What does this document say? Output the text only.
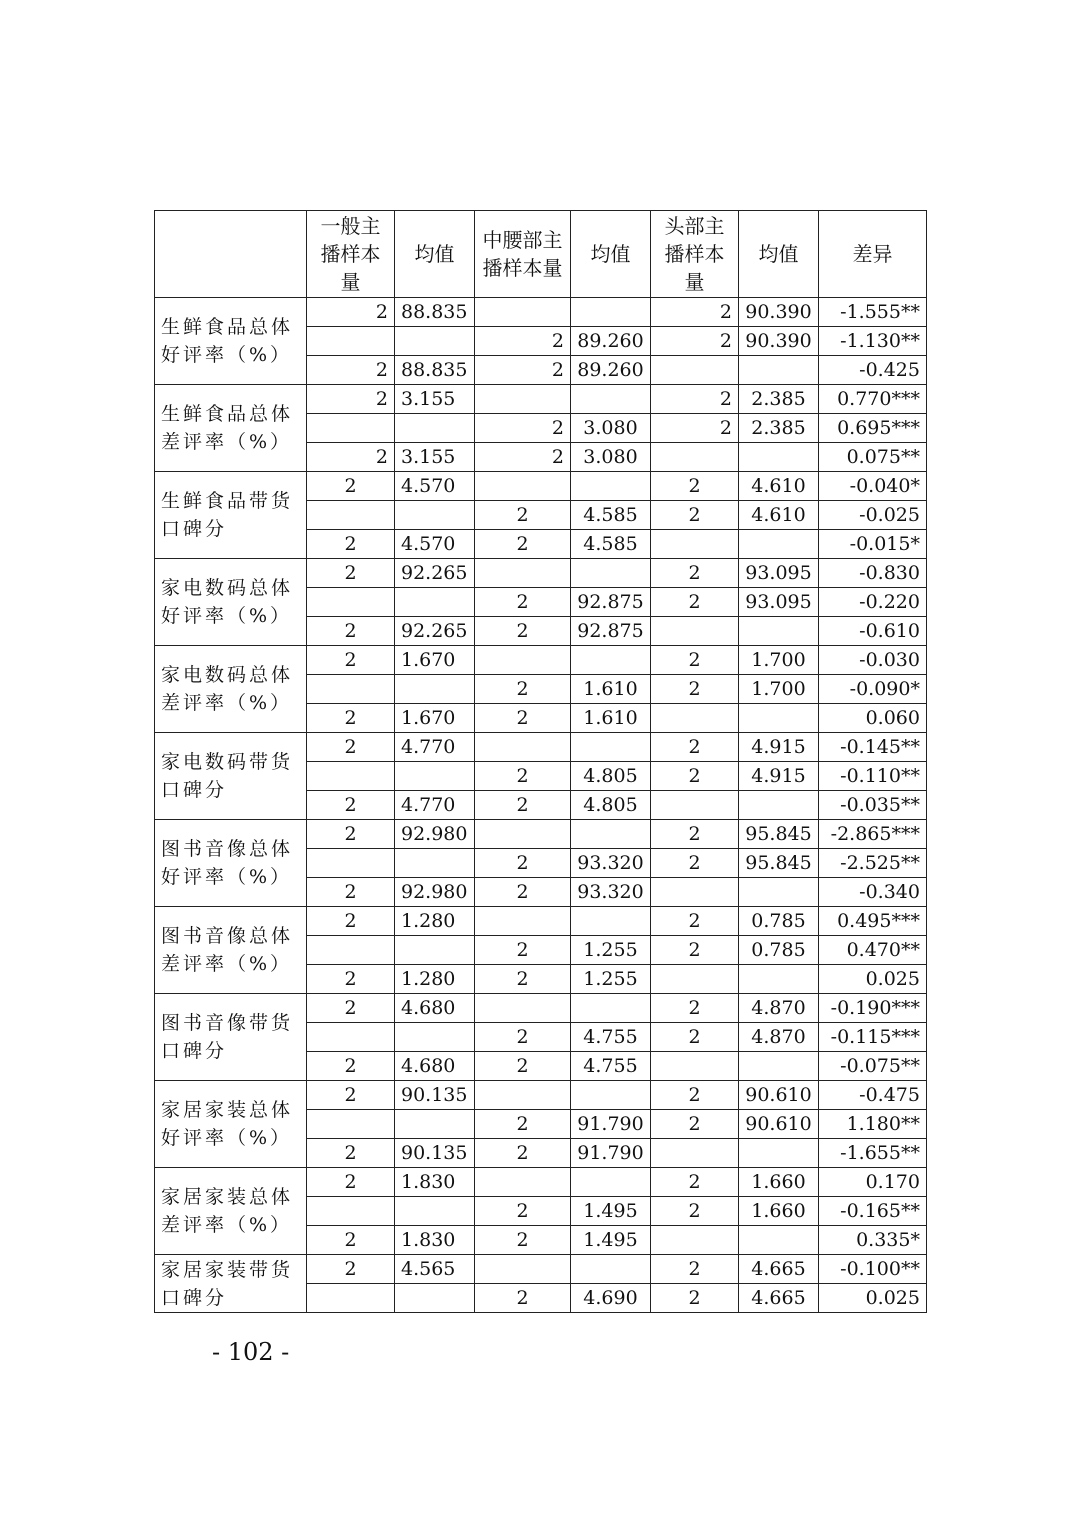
	一般主播样本量	均值	中腰部主播样本量	均值	头部主播样本量	均值	差异
生鲜食品总体好评率（%）	2	88.835			2	90.390	-1.555**
			2	89.260	2	90.390	-1.130**
	2	88.835	2	89.260			-0.425
生鲜食品总体差评率（%）	2	3.155			2	2.385	0.770***
			2	3.080	2	2.385	0.695***
	2	3.155	2	3.080			0.075**
生鲜食品带货口碑分	2	4.570			2	4.610	-0.040*
			2	4.585	2	4.610	-0.025
	2	4.570	2	4.585			-0.015*
家电数码总体好评率（%）	2	92.265			2	93.095	-0.830
			2	92.875	2	93.095	-0.220
	2	92.265	2	92.875			-0.610
家电数码总体差评率（%）	2	1.670			2	1.700	-0.030
			2	1.610	2	1.700	-0.090*
	2	1.670	2	1.610			0.060
家电数码带货口碑分	2	4.770			2	4.915	-0.145**
			2	4.805	2	4.915	-0.110**
	2	4.770	2	4.805			-0.035**
图书音像总体好评率（%）	2	92.980			2	95.845	-2.865***
			2	93.320	2	95.845	-2.525**
	2	92.980	2	93.320			-0.340
图书音像总体差评率（%）	2	1.280			2	0.785	0.495***
			2	1.255	2	0.785	0.470**
	2	1.280	2	1.255			0.025
图书音像带货口碑分	2	4.680			2	4.870	-0.190***
			2	4.755	2	4.870	-0.115***
	2	4.680	2	4.755			-0.075**
家居家装总体好评率（%）	2	90.135			2	90.610	-0.475
			2	91.790	2	90.610	1.180**
	2	90.135	2	91.790			-1.655**
家居家装总体差评率（%）	2	1.830			2	1.660	0.170
			2	1.495	2	1.660	-0.165**
	2	1.830	2	1.495			0.335*
家居家装带货口碑分	2	4.565			2	4.665	-0.100**
			2	4.690	2	4.665	0.025
- 102 -
